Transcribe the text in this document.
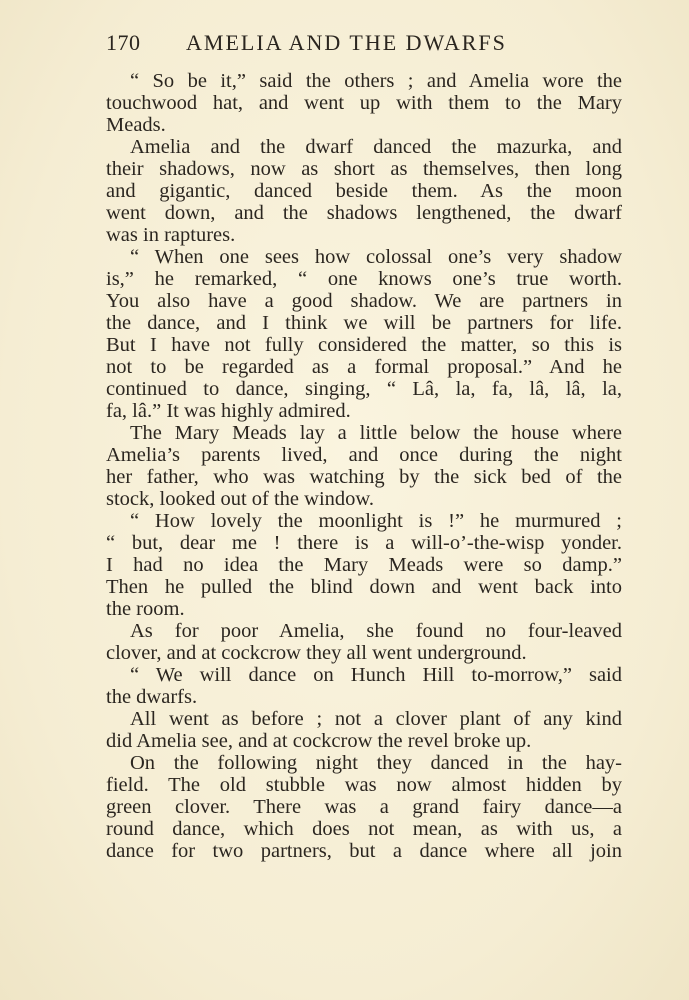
170 AMELIA AND THE DWARFS
“ So be it,” said the others ; and Amelia wore the
touchwood hat, and went up with them to the Mary
Meads.
Amelia and the dwarf danced the mazurka, and
their shadows, now as short as themselves, then long
and gigantic, danced beside them. As the moon
went down, and the shadows lengthened, the dwarf
was in raptures.
“ When one sees how colossal one’s very shadow
is,” he remarked, “ one knows one’s true worth.
You also have a good shadow. We are partners in
the dance, and I think we will be partners for life.
But I have not fully considered the matter, so this is
not to be regarded as a formal proposal.” And he
continued to dance, singing, “ Lâ, la, fa, lâ, lâ, la,
fa, lâ.” It was highly admired.
The Mary Meads lay a little below the house where
Amelia’s parents lived, and once during the night
her father, who was watching by the sick bed of the
stock, looked out of the window.
“ How lovely the moonlight is !” he murmured ;
“ but, dear me ! there is a will-o’-the-wisp yonder.
I had no idea the Mary Meads were so damp.”
Then he pulled the blind down and went back into
the room.
As for poor Amelia, she found no four-leaved
clover, and at cockcrow they all went underground.
“ We will dance on Hunch Hill to-morrow,” said
the dwarfs.
All went as before ; not a clover plant of any kind
did Amelia see, and at cockcrow the revel broke up.
On the following night they danced in the hay-
field. The old stubble was now almost hidden by
green clover. There was a grand fairy dance—a
round dance, which does not mean, as with us, a
dance for two partners, but a dance where all join
